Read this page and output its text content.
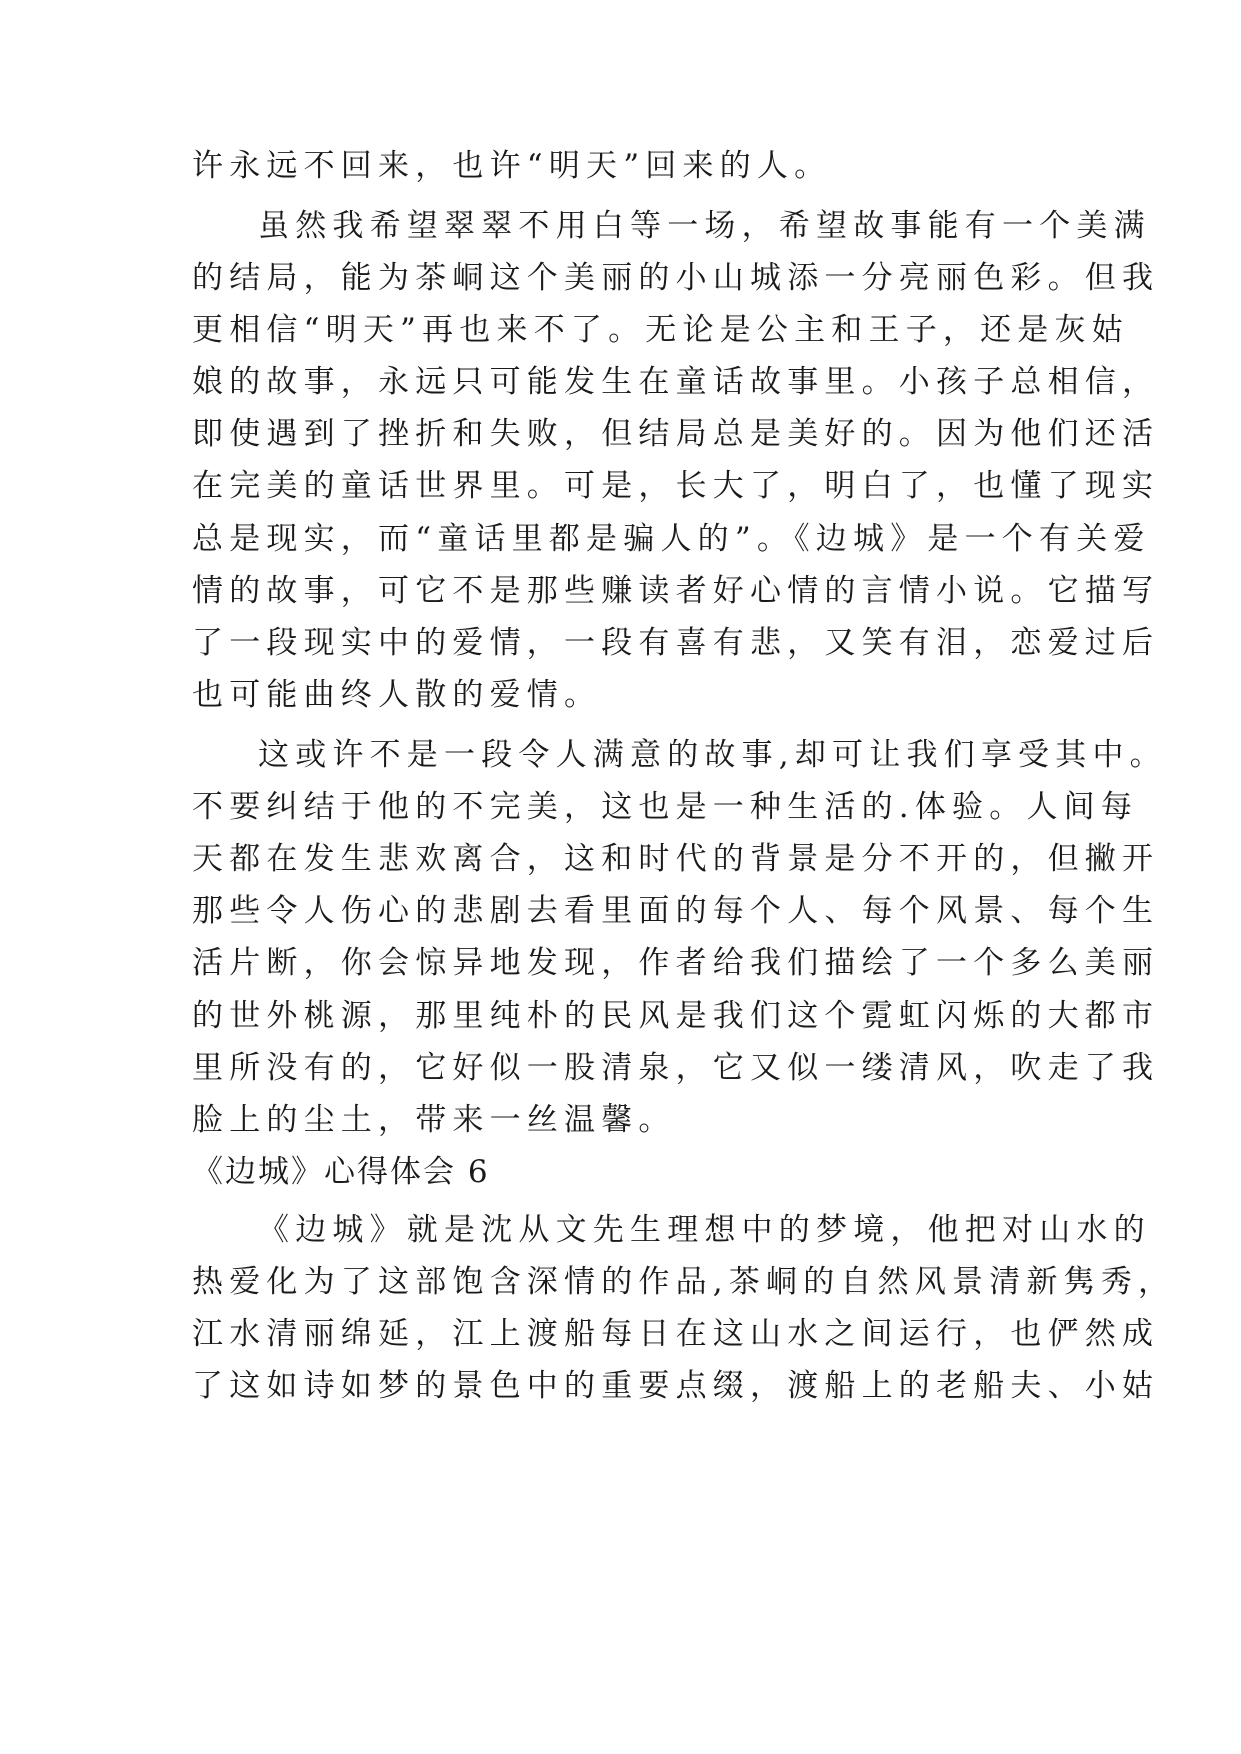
许永远不回来，也许“明天”回来的人。
虽然我希望翠翠不用白等一场，希望故事能有一个美满
的结局，能为茶峒这个美丽的小山城添一分亮丽色彩。但我
更相信“明天”再也来不了。无论是公主和王子，还是灰姑
娘的故事，永远只可能发生在童话故事里。小孩子总相信，
即使遇到了挫折和失败，但结局总是美好的。因为他们还活
在完美的童话世界里。可是，长大了，明白了，也懂了现实
总是现实，而“童话里都是骗人的”。《边城》是一个有关爱
情的故事，可它不是那些赚读者好心情的言情小说。它描写
了一段现实中的爱情，一段有喜有悲，又笑有泪，恋爱过后
也可能曲终人散的爱情。
这或许不是一段令人满意的故事,却可让我们享受其中。
不要纠结于他的不完美，这也是一种生活的.体验。人间每
天都在发生悲欢离合，这和时代的背景是分不开的，但撇开
那些令人伤心的悲剧去看里面的每个人、每个风景、每个生
活片断，你会惊异地发现，作者给我们描绘了一个多么美丽
的世外桃源，那里纯朴的民风是我们这个霓虹闪烁的大都市
里所没有的，它好似一股清泉，它又似一缕清风，吹走了我
脸上的尘土，带来一丝温馨。
《边城》心得体会 6
《边城》就是沈从文先生理想中的梦境，他把对山水的
热爱化为了这部饱含深情的作品,茶峒的自然风景清新隽秀，
江水清丽绵延，江上渡船每日在这山水之间运行，也俨然成
了这如诗如梦的景色中的重要点缀，渡船上的老船夫、小姑
